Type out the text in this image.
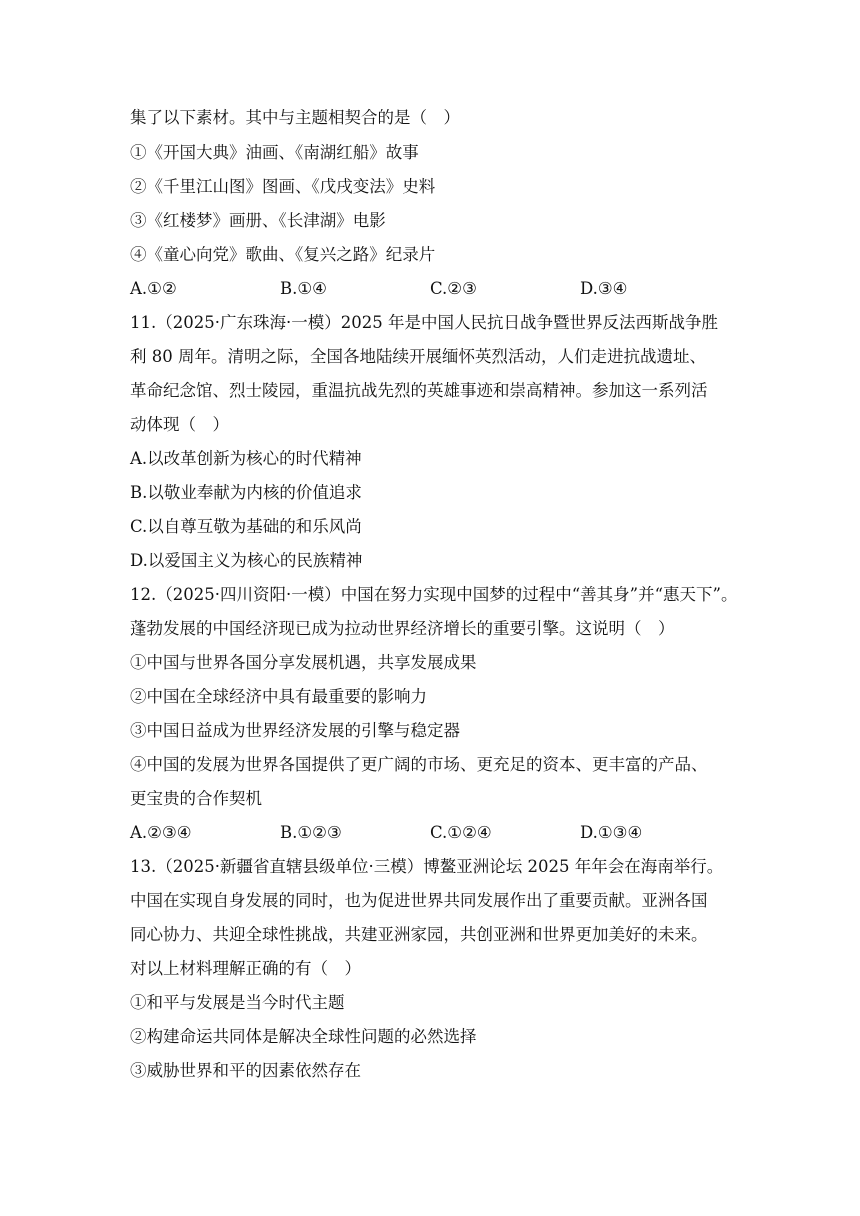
集了以下素材。其中与主题相契合的是（　）
①《开国大典》油画、《南湖红船》故事
②《千里江山图》图画、《戊戌变法》史料
③《红楼梦》画册、《长津湖》电影
④《童心向党》歌曲、《复兴之路》纪录片
A.①②	B.①④	C.②③	D.③④
11.（2025·广东珠海·一模）2025 年是中国人民抗日战争暨世界反法西斯战争胜
利 80 周年。清明之际，全国各地陆续开展缅怀英烈活动，人们走进抗战遗址、
革命纪念馆、烈士陵园，重温抗战先烈的英雄事迹和崇高精神。参加这一系列活
动体现（　）
A.以改革创新为核心的时代精神
B.以敬业奉献为内核的价值追求
C.以自尊互敬为基础的和乐风尚
D.以爱国主义为核心的民族精神
12.（2025·四川资阳·一模）中国在努力实现中国梦的过程中“善其身”并“惠天下”。
蓬勃发展的中国经济现已成为拉动世界经济增长的重要引擎。这说明（　）
①中国与世界各国分享发展机遇，共享发展成果
②中国在全球经济中具有最重要的影响力
③中国日益成为世界经济发展的引擎与稳定器
④中国的发展为世界各国提供了更广阔的市场、更充足的资本、更丰富的产品、
更宝贵的合作契机
A.②③④	B.①②③	C.①②④	D.①③④
13.（2025·新疆省直辖县级单位·三模）博鳌亚洲论坛 2025 年年会在海南举行。
中国在实现自身发展的同时，也为促进世界共同发展作出了重要贡献。亚洲各国
同心协力、共迎全球性挑战，共建亚洲家园，共创亚洲和世界更加美好的未来。
对以上材料理解正确的有（　）
①和平与发展是当今时代主题
②构建命运共同体是解决全球性问题的必然选择
③威胁世界和平的因素依然存在
